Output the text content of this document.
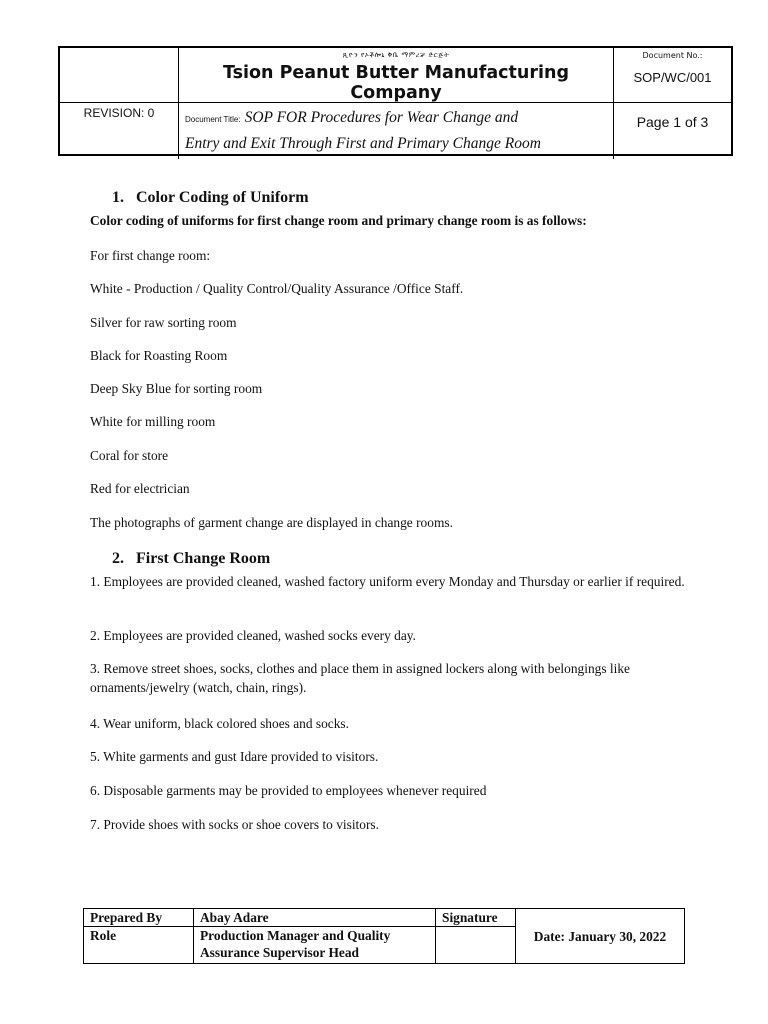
ጺዮን የኦቾሎኒ ቅቤ ማምረቻ ድርጅት
Tsion Peanut Butter Manufacturing Company
Document No.:
SOP/WC/001
REVISION: 0	Document Title: SOP FOR Procedures for Wear Change and
Entry and Exit Through First and Primary Change Room
Page 1 of 3
1. Color Coding of Uniform
Color coding of uniforms for first change room and primary change room is as follows:
For first change room:
White - Production / Quality Control/Quality Assurance /Office Staff.
Silver for raw sorting room
Black for Roasting Room
Deep Sky Blue for sorting room
White for milling room
Coral for store
Red for electrician
The photographs of garment change are displayed in change rooms.
2. First Change Room
1. Employees are provided cleaned, washed factory uniform every Monday and Thursday or earlier if required.
2. Employees are provided cleaned, washed socks every day.
3. Remove street shoes, socks, clothes and place them in assigned lockers along with belongings like ornaments/jewelry (watch, chain, rings).
4. Wear uniform, black colored shoes and socks.
5. White garments and gust Idare provided to visitors.
6. Disposable garments may be provided to employees whenever required
7. Provide shoes with socks or shoe covers to visitors.
Prepared By	Abay Adare	Signature
Date: January 30, 2022
Role	Production Manager and Quality Assurance Supervisor Head
